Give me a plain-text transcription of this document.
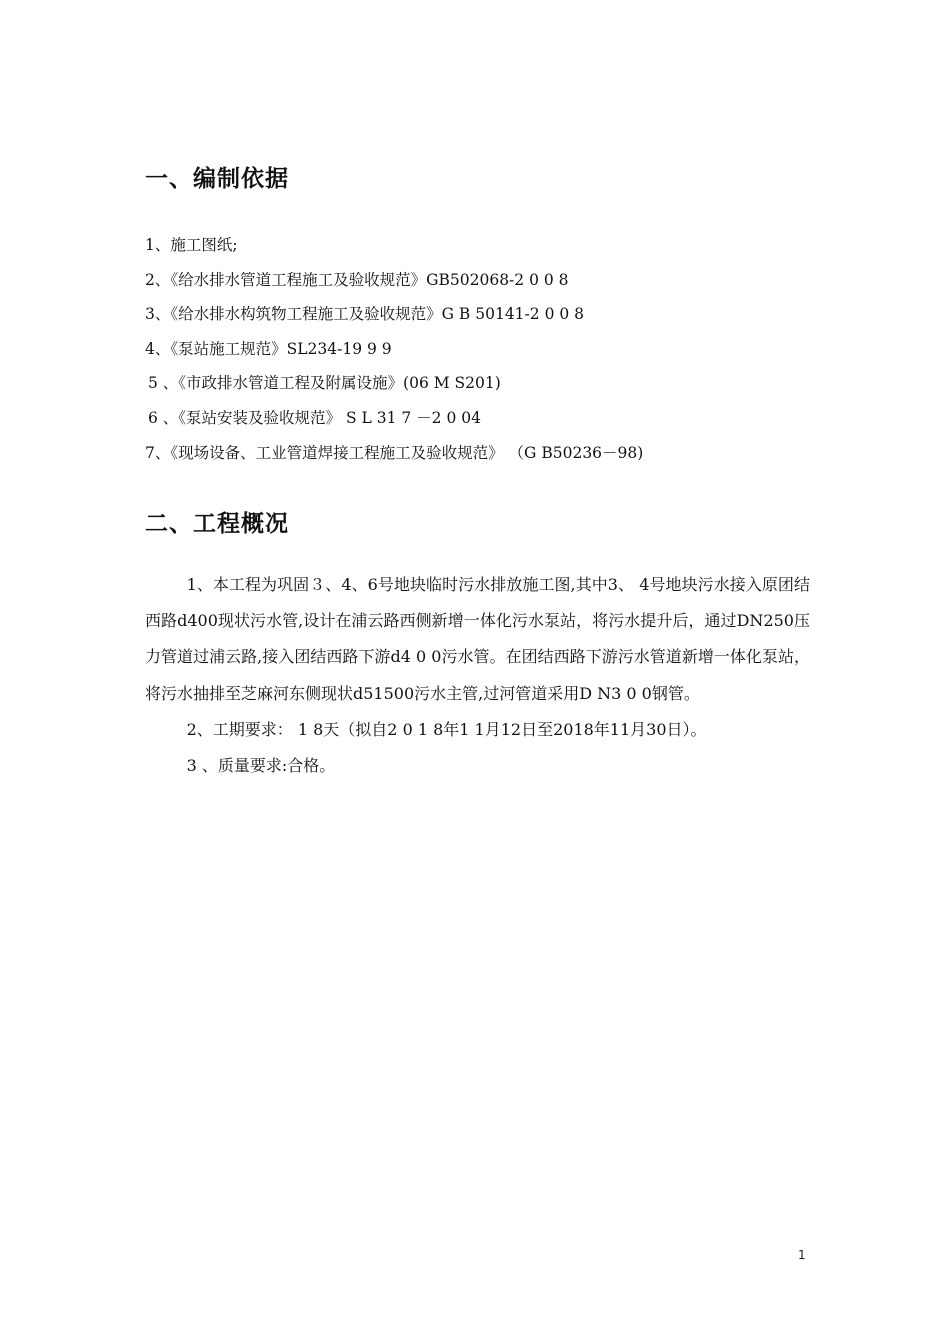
一、编制依据
1、施工图纸;
2、《给水排水管道工程施工及验收规范》GB502068-2 0 0 8
3、《给水排水构筑物工程施工及验收规范》G B 50141-2 0 0 8
4、《泵站施工规范》SL234-19 9 9
5 、《市政排水管道工程及附属设施》(06 M S201)
6 、《泵站安装及验收规范》 S L 31 7 －2 0 04
7、《现场设备、工业管道焊接工程施工及验收规范》 （G B50236－98)
二、工程概况

1、本工程为巩固３、4、6号地块临时污水排放施工图,其中3、 4号地块污水接入原团结西路d400现状污水管,设计在浦云路西侧新增一体化污水泵站，将污水提升后，通过DN250压力管道过浦云路,接入团结西路下游d4 0 0污水管。在团结西路下游污水管道新增一体化泵站，将污水抽排至芝麻河东侧现状d51500污水主管,过河管道采用D N3 0 0钢管。

2、工期要求： 1 8天（拟自2 0 1 8年1 1月12日至2018年11月30日）。

3 、质量要求:合格。

1
